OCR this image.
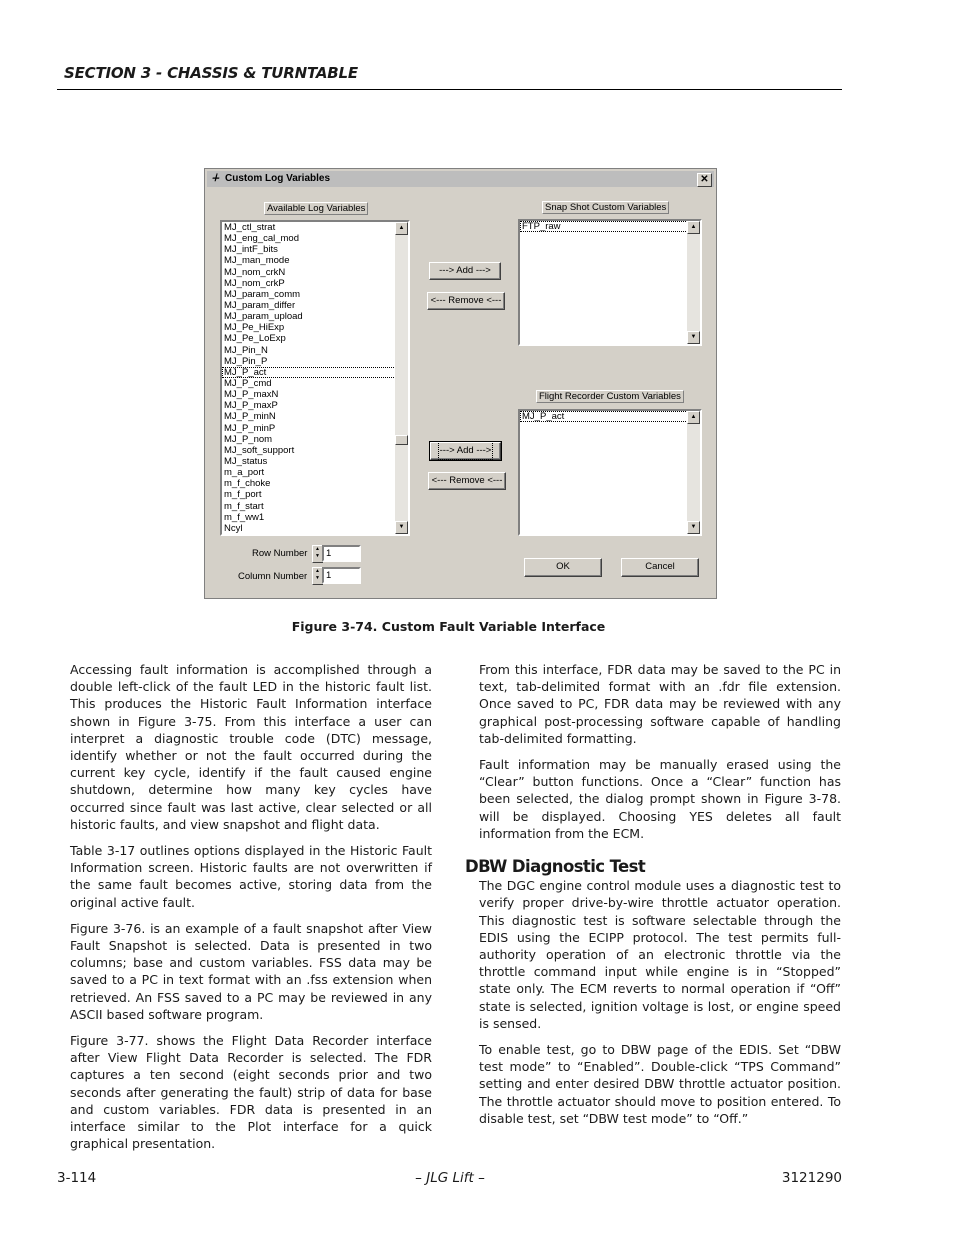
SECTION 3 - CHASSIS & TURNTABLE
∔ Custom Log Variables	✕
Available Log Variables
MJ_ctl_strat
MJ_eng_cal_mod
MJ_intF_bits
MJ_man_mode
MJ_nom_crkN
MJ_nom_crkP
MJ_param_comm
MJ_param_differ
MJ_param_upload
MJ_Pe_HiExp
MJ_Pe_LoExp
MJ_Pin_N
MJ_Pin_P
MJ_P_act
MJ_P_cmd
MJ_P_maxN
MJ_P_maxP
MJ_P_minN
MJ_P_minP
MJ_P_nom
MJ_soft_support
MJ_status
m_a_port
m_f_choke
m_f_port
m_f_start
m_f_ww1
Ncyl
▲
▼
---> Add --->
<--- Remove <---
Snap Shot Custom Variables
FTP_raw	▲
▼
Flight Recorder Custom Variables
MJ_P_act	▲
▼
---> Add --->
<--- Remove <---
Row Number	▲
▼ 1
Column Number	▲
▼ 1
OK	Cancel
Figure 3-74. Custom Fault Variable Interface

Accessing fault information is accomplished through a double left-click of the fault LED in the historic fault list. This produces the Historic Fault Information interface shown in Figure 3-75. From this interface a user can interpret a diagnostic trouble code (DTC) message, identify whether or not the fault occurred during the current key cycle, identify if the fault caused engine shutdown, determine how many key cycles have occurred since fault was last active, clear selected or all historic faults, and view snapshot and flight data.

Table 3-17 outlines options displayed in the Historic Fault Information screen. Historic faults are not overwritten if the same fault becomes active, storing data from the original active fault.

Figure 3-76. is an example of a fault snapshot after View Fault Snapshot is selected. Data is presented in two columns; base and custom variables. FSS data may be saved to a PC in text format with an .fss extension when retrieved. An FSS saved to a PC may be reviewed in any ASCII based software program.

Figure 3-77. shows the Flight Data Recorder interface after View Flight Data Recorder is selected. The FDR captures a ten second (eight seconds prior and two seconds after generating the fault) strip of data for base and custom variables. FDR data is presented in an interface similar to the Plot interface for a quick graphical presentation.

From this interface, FDR data may be saved to the PC in text, tab-delimited format with an .fdr file extension. Once saved to PC, FDR data may be reviewed with any graphical post-processing software capable of handling tab-delimited formatting.

Fault information may be manually erased using the “Clear” button functions. Once a “Clear” function has been selected, the dialog prompt shown in Figure 3-78. will be displayed. Choosing YES deletes all fault information from the ECM.

DBW Diagnostic Test

The DGC engine control module uses a diagnostic test to verify proper drive-by-wire throttle actuator operation. This diagnostic test is software selectable through the EDIS using the ECIPP protocol. The test permits full-authority operation of an electronic throttle via the throttle command input while engine is in “Stopped” state only. The ECM reverts to normal operation if “Off” state is selected, ignition voltage is lost, or engine speed is sensed.

To enable test, go to DBW page of the EDIS. Set “DBW test mode” to “Enabled”. Double-click “TPS Command” setting and enter desired DBW throttle actuator position. The throttle actuator should move to position entered. To disable test, set “DBW test mode” to “Off.”

3-114	– JLG Lift –	3121290
